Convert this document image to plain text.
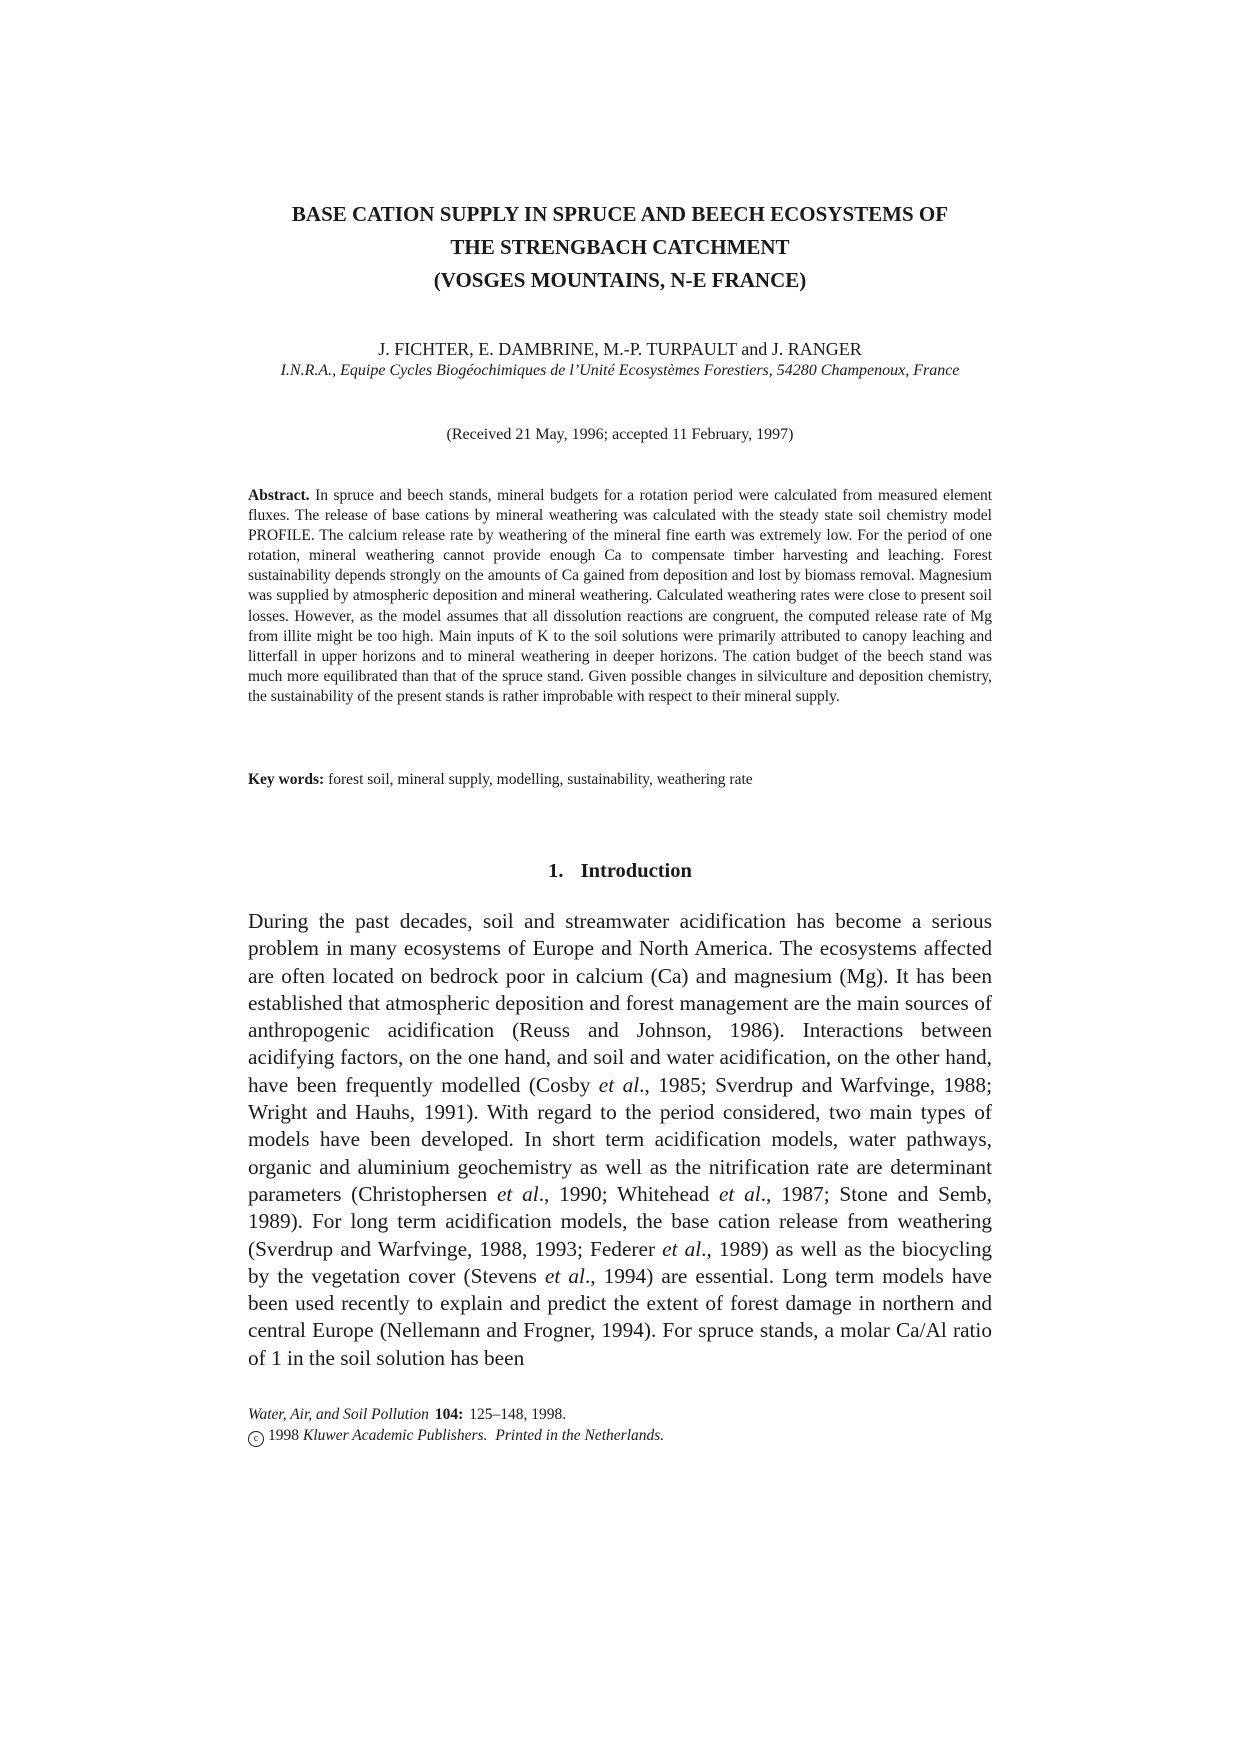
BASE CATION SUPPLY IN SPRUCE AND BEECH ECOSYSTEMS OF
THE STRENGBACH CATCHMENT
(VOSGES MOUNTAINS, N-E FRANCE)
J. FICHTER, E. DAMBRINE, M.-P. TURPAULT and J. RANGER
I.N.R.A., Equipe Cycles Biogéochimiques de l’Unité Ecosystèmes Forestiers, 54280 Champenoux, France
(Received 21 May, 1996; accepted 11 February, 1997)
Abstract. In spruce and beech stands, mineral budgets for a rotation period were calculated from measured element fluxes. The release of base cations by mineral weathering was calculated with the steady state soil chemistry model PROFILE. The calcium release rate by weathering of the mineral fine earth was extremely low. For the period of one rotation, mineral weathering cannot provide enough Ca to compensate timber harvesting and leaching. Forest sustainability depends strongly on the amounts of Ca gained from deposition and lost by biomass removal. Magnesium was supplied by atmospheric deposition and mineral weathering. Calculated weathering rates were close to present soil losses. However, as the model assumes that all dissolution reactions are congruent, the computed release rate of Mg from illite might be too high. Main inputs of K to the soil solutions were primarily attributed to canopy leaching and litterfall in upper horizons and to mineral weathering in deeper horizons. The cation budget of the beech stand was much more equilibrated than that of the spruce stand. Given possible changes in silviculture and deposition chemistry, the sustainability of the present stands is rather improbable with respect to their mineral supply.
Key words: forest soil, mineral supply, modelling, sustainability, weathering rate
1. Introduction
During the past decades, soil and streamwater acidification has become a serious problem in many ecosystems of Europe and North America. The ecosystems affected are often located on bedrock poor in calcium (Ca) and magnesium (Mg). It has been established that atmospheric deposition and forest management are the main sources of anthropogenic acidification (Reuss and Johnson, 1986). Interactions between acidifying factors, on the one hand, and soil and water acidification, on the other hand, have been frequently modelled (Cosby et al., 1985; Sverdrup and Warfvinge, 1988; Wright and Hauhs, 1991). With regard to the period considered, two main types of models have been developed. In short term acidification models, water pathways, organic and aluminium geochemistry as well as the nitrification rate are determinant parameters (Christophersen et al., 1990; Whitehead et al., 1987; Stone and Semb, 1989). For long term acidification models, the base cation release from weathering (Sverdrup and Warfvinge, 1988, 1993; Federer et al., 1989) as well as the biocycling by the vegetation cover (Stevens et al., 1994) are essential. Long term models have been used recently to explain and predict the extent of forest damage in northern and central Europe (Nellemann and Frogner, 1994). For spruce stands, a molar Ca/Al ratio of 1 in the soil solution has been
Water, Air, and Soil Pollution 104: 125–148, 1998.
c1998 Kluwer Academic Publishers. Printed in the Netherlands.
